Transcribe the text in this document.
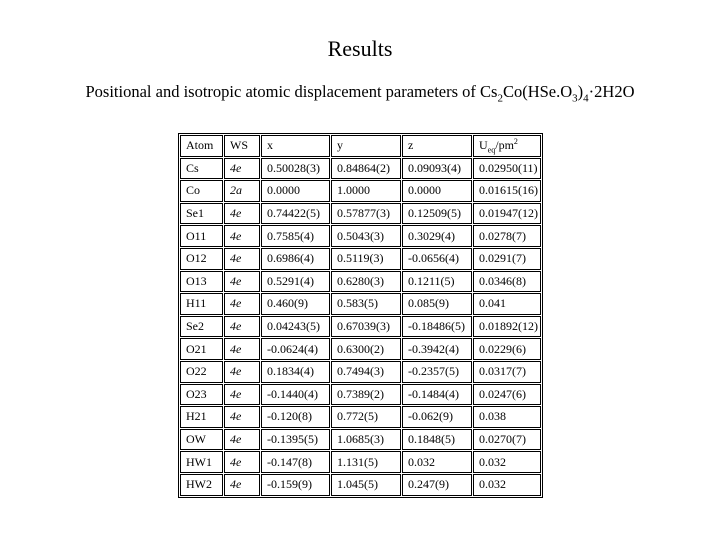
Results
Positional and isotropic atomic displacement parameters of $Cs_2Co(HSe.O_3)_4\cdot 2H2O$
Atom	WS	x	y	z	$U_{eq}/pm^2$
Cs	4e	0.50028(3)	0.84864(2)	0.09093(4)	0.02950(11)
Co	2a	0.0000	1.0000	0.0000	0.01615(16)
Se1	4e	0.74422(5)	0.57877(3)	0.12509(5)	0.01947(12)
O11	4e	0.7585(4)	0.5043(3)	0.3029(4)	0.0278(7)
O12	4e	0.6986(4)	0.5119(3)	-0.0656(4)	0.0291(7)
O13	4e	0.5291(4)	0.6280(3)	0.1211(5)	0.0346(8)
H11	4e	0.460(9)	0.583(5)	0.085(9)	0.041
Se2	4e	0.04243(5)	0.67039(3)	-0.18486(5)	0.01892(12)
O21	4e	-0.0624(4)	0.6300(2)	-0.3942(4)	0.0229(6)
O22	4e	0.1834(4)	0.7494(3)	-0.2357(5)	0.0317(7)
O23	4e	-0.1440(4)	0.7389(2)	-0.1484(4)	0.0247(6)
H21	4e	-0.120(8)	0.772(5)	-0.062(9)	0.038
OW	4e	-0.1395(5)	1.0685(3)	0.1848(5)	0.0270(7)
HW1	4e	-0.147(8)	1.131(5)	0.032	0.032
HW2	4e	-0.159(9)	1.045(5)	0.247(9)	0.032
